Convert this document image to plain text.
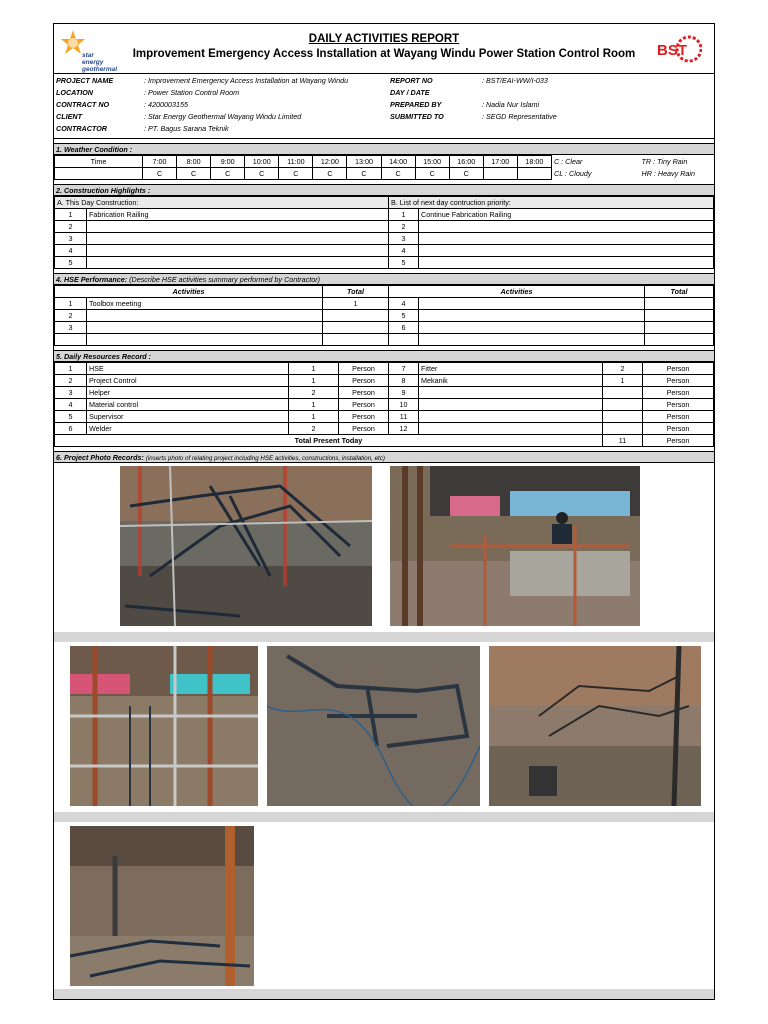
star
energy
geothermal
DAILY ACTIVITIES REPORT
Improvement Emergency Access Installation at Wayang Windu Power Station Control Room	BST
PROJECT NAME	: Improvement Emergency Access Installation at Wayang Windu	REPORT NO	: BST/EAI-WW/I-033
LOCATION	: Power Station Control Room	DAY / DATE	
CONTRACT NO	: 4200003155	PREPARED BY	: Nadia Nur Islami
CLIENT	: Star Energy Geothermal Wayang Windu Limited	SUBMITTED TO	: SEGD Representative
CONTRACTOR	: PT. Bagus Sarana Teknik		
1. Weather Condition :
Time	7:00	8:00	9:00	10:00	11:00	12:00	13:00	14:00	15:00	16:00	17:00	18:00	C : Clear	TR : Tiny Rain
	C	C	C	C	C	C	C	C	C	C			CL : Cloudy	HR : Heavy Rain
2. Construction Highlights :
A. This Day Construction:		B. List of next day contruction priority:	
1	Fabrication Railing	1	Continue Fabrication Railing
2		2	
3		3	
4		4	
5		5	
4. HSE Performance: (Describe HSE activities summary performed by Contractor)
Activities		Total	Activities		Total
1	Toolbox meeting	1	4		
2			5		
3			6		

5. Daily Resources Record :
1	HSE	1	Person	7	Fitter	2	Person
2	Project Control	1	Person	8	Mekanik	1	Person
3	Helper	2	Person	9			Person
4	Material control	1	Person	10			Person
5	Supervisor	1	Person	11			Person
6	Welder	2	Person	12			Person
Total Present Today						11	Person
6. Project Photo Records: (inserts photo of relating project including HSE activities, constructions, installation, etc)
